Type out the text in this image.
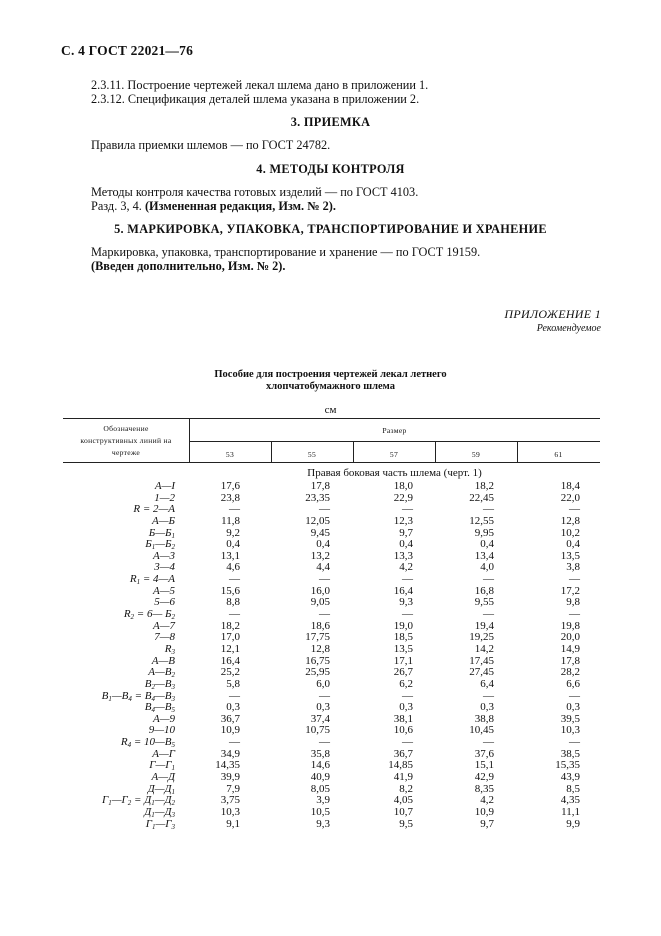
С. 4 ГОСТ 22021—76
2.3.11. Построение чертежей лекал шлема дано в приложении 1.
2.3.12. Спецификация деталей шлема указана в приложении 2.
3. ПРИЕМКА
Правила приемки шлемов — по ГОСТ 24782.
4. МЕТОДЫ КОНТРОЛЯ
Методы контроля качества готовых изделий — по ГОСТ 4103.
Разд. 3, 4. (Измененная редакция, Изм. № 2).
5. МАРКИРОВКА, УПАКОВКА, ТРАНСПОРТИРОВАНИЕ И ХРАНЕНИЕ
Маркировка, упаковка, транспортирование и хранение — по ГОСТ 19159.
(Введен дополнительно, Изм. № 2).
ПРИЛОЖЕНИЕ 1
Рекомендуемое
Пособие для построения чертежей лекал летнего
хлопчатобумажного шлема
см
Обозначение
конструктивных линий на
чертеже
Размер
53	55	57	59	61
Правая боковая часть шлема (черт. 1)
А—I	17,6	17,8	18,0	18,2	18,4
1—2	23,8	23,35	22,9	22,45	22,0
R = 2—А	—	—	—	—	—
А—Б	11,8	12,05	12,3	12,55	12,8
$Б—Б_1$	9,2	9,45	9,7	9,95	10,2
$Б_1—Б_2$	0,4	0,4	0,4	0,4	0,4
А—3	13,1	13,2	13,3	13,4	13,5
3—4	4,6	4,4	4,2	4,0	3,8
$R_1$ = 4—А	—	—	—	—	—
А—5	15,6	16,0	16,4	16,8	17,2
5—6	8,8	9,05	9,3	9,55	9,8
$R_2$ = 6— $Б_2$	—	—	—	—	—
А—7	18,2	18,6	19,0	19,4	19,8
7—8	17,0	17,75	18,5	19,25	20,0
$R_3$	12,1	12,8	13,5	14,2	14,9
А—В	16,4	16,75	17,1	17,45	17,8
$А—В_2$	25,2	25,95	26,7	27,45	28,2
$В_2—В_3$	5,8	6,0	6,2	6,4	6,6
$В_1—В_4$ = $В_4—В_3$	—	—	—	—	—
$В_4—В_5$	0,3	0,3	0,3	0,3	0,3
А—9	36,7	37,4	38,1	38,8	39,5
9—10	10,9	10,75	10,6	10,45	10,3
$R_4$ = $10—В_5$	—	—	—	—	—
А—Г	34,9	35,8	36,7	37,6	38,5
$Г—Г_1$	14,35	14,6	14,85	15,1	15,35
А—Д	39,9	40,9	41,9	42,9	43,9
$Д—Д_1$	7,9	8,05	8,2	8,35	8,5
$Г_1—Г_2$ = $Д_1—Д_2$	3,75	3,9	4,05	4,2	4,35
$Д_1—Д_3$	10,3	10,5	10,7	10,9	11,1
$Г_1—Г_3$	9,1	9,3	9,5	9,7	9,9
